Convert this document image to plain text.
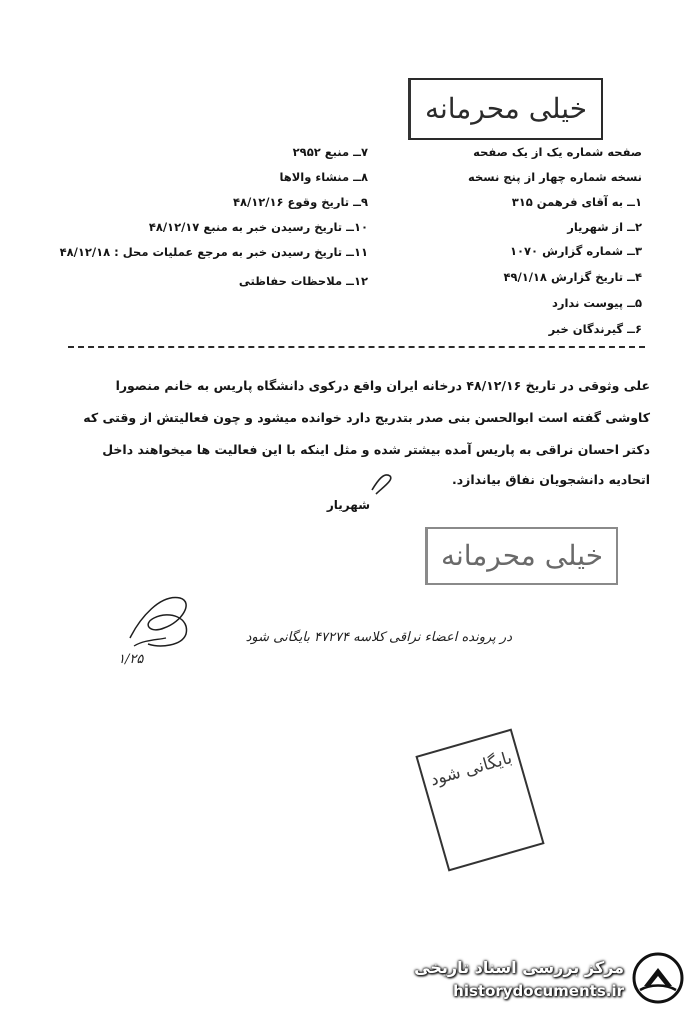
خیلی محرمانه
صفحه شماره یک از یک صفحه
نسخه شماره چهار از پنج نسخه
۱ــ به آقای فرهمن ۳۱۵
۲ــ از شهریار
۳ــ شماره گزارش ۱۰۷۰
۴ــ تاریخ گزارش ۴۹/۱/۱۸
۵ــ پیوست ندارد
۶ــ گیرندگان خبر
۷ــ منبع ۲۹۵۲
۸ــ منشاء والاها
۹ــ تاریخ وقوع ۴۸/۱۲/۱۶
۱۰ــ تاریخ رسیدن خبر به منبع ۴۸/۱۲/۱۷
۱۱ــ تاریخ رسیدن خبر به مرجع عملیات محل : ۴۸/۱۲/۱۸
۱۲ــ ملاحظات حفاظتی
علی وثوقی در تاریخ ۴۸/۱۲/۱۶ درخانه ایران واقع درکوی دانشگاه پاریس به خانم منصورا
کاوشی گفته است ابوالحسن بنی صدر بتدریج دارد خوانده میشود و چون فعالیتش از وقتی که
دکتر احسان نراقی به پاریس آمده بیشتر شده و مثل اینکه با این فعالیت ها میخواهند داخل
اتحادیه دانشجویان نفاق بیاندازد.
شهریار
خیلی محرمانه
۱/۲۵
در پرونده اعضاء نراقی کلاسه ۴۷۲۷۴ بایگانی شود
بایگانی شود
مرکز بررسی اسناد تاریخی
historydocuments.ir
